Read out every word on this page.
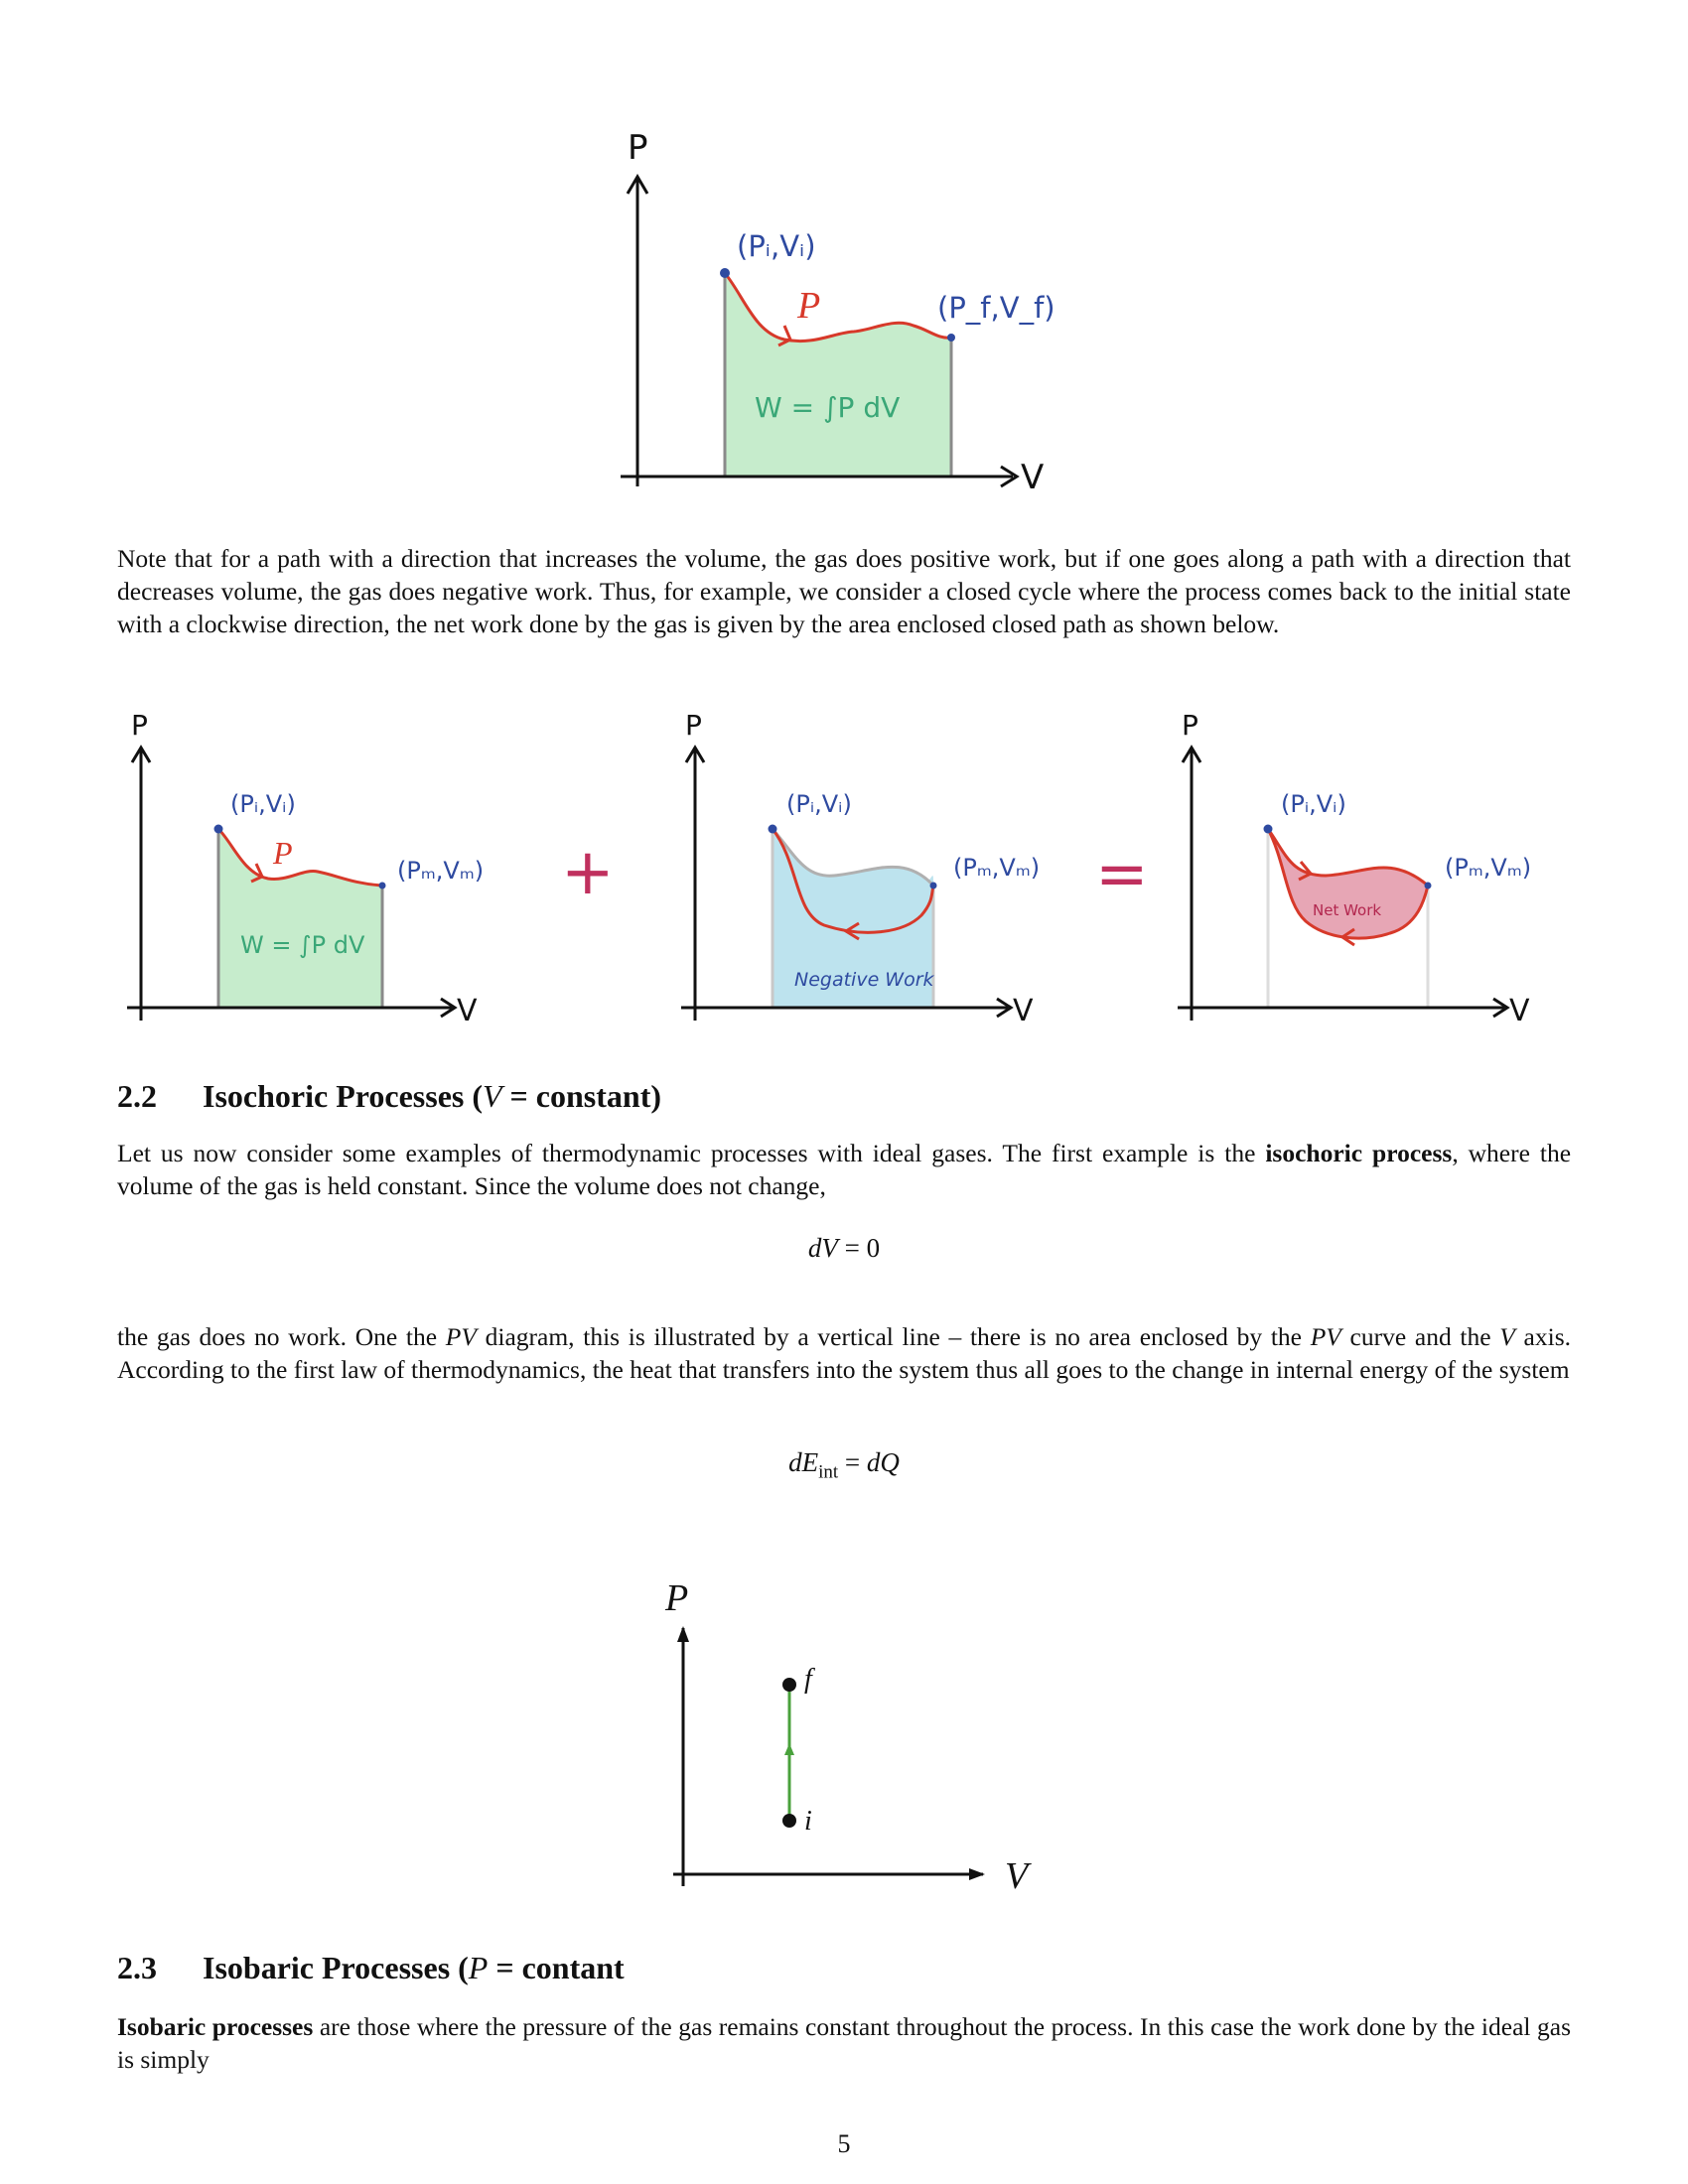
P
V
(Pᵢ,Vᵢ)
(P_f,V_f)
P
W = ∫P dV
Note that for a path with a direction that increases the volume, the gas does positive work, but if one goes along a path with a direction that decreases volume, the gas does negative work. Thus, for example, we consider a closed cycle where the process comes back to the initial state with a clockwise direction, the net work done by the gas is given by the area enclosed closed path as shown below.
P
V
(Pᵢ,Vᵢ)
(Pₘ,Vₘ)
P
W = ∫P dV
+
P
V
(Pᵢ,Vᵢ)
(Pₘ,Vₘ)
Negative Work
=
P
V
(Pᵢ,Vᵢ)
(Pₘ,Vₘ)
Net Work
2.2 Isochoric Processes (V = constant)
Let us now consider some examples of thermodynamic processes with ideal gases. The first example is the isochoric process, where the volume of the gas is held constant. Since the volume does not change,
dV = 0
the gas does no work. One the PV diagram, this is illustrated by a vertical line – there is no area enclosed by the PV curve and the V axis. According to the first law of thermodynamics, the heat that transfers into the system thus all goes to the change in internal energy of the system
$dE_{int}$ = dQ
P
V
f
i
2.3 Isobaric Processes (P = contant
Isobaric processes are those where the pressure of the gas remains constant throughout the process. In this case the work done by the ideal gas is simply
5
